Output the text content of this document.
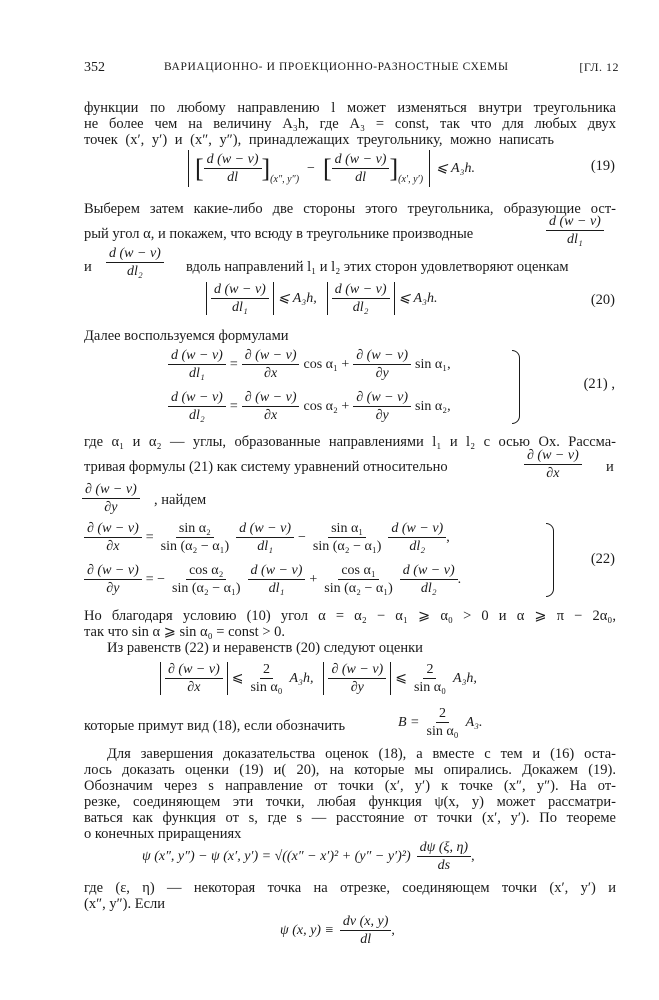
352	ВАРИАЦИОННО- И ПРОЕКЦИОННО-РАЗНОСТНЫЕ СХЕМЫ	[ГЛ. 12
функции по любому направлению l может изменяться внутри треугольника
не более чем на величину A₃h, где A₃ = const, так что для любых двух
точек (x′, y′) и (x″, y″), принадлежащих треугольнику, можно написать
[ $\frac{d (w - v)}{dl}$ ] (x″, y″)
− [ $\frac{d (w - v)}{dl}$ ] (x′, y′)
⩽ A₃h.	(19)
Выберем затем какие-либо две стороны этого треугольника, образующие ост-
рый угол α, и покажем, что всюду в треугольнике производные	$\frac{d (w - v)}{\text{dl₁}}$
и $\frac{d (w - v)}{\text{dl₂}}$ вдоль направлений l₁ и l₂ этих сторон удовлетворяют оценкам
$\frac{d (w - v)}{\text{dl₁}}$ ⩽ A₃h, $\frac{d (w - v)}{\text{dl₂}}$ ⩽ A₃h.	(20)
Далее воспользуемся формулами
$\frac{d (w - v)}{\text{dl₁}} = \frac{\partial (w - v)}{\partial x}$ $\cos \alpha_1 + \frac{\partial (w - v)}{\partial y}$ sin α₁,
$\frac{d (w - v)}{\text{dl₂}} = \frac{\partial (w - v)}{\partial x}$ $\cos \alpha_2 + \frac{\partial (w - v)}{\partial y}$ sin α₂,
(21) ,
где α₁ и α₂ — углы, образованные направлениями l₁ и l₂ с осью Ox. Рассма-
тривая формулы (21) как систему уравнений относительно	$\frac{\partial (w - v)}{\partial x}$ и
$\frac{\partial (w - v)}{\partial y}$ , найдем
$\frac{\partial (w - v)}{\partial x} = \frac{\text{sin α₂}}{\text{sin (α₂ − α₁)}} \frac{d (w - v)}{\text{dl₁}} - \frac{\text{sin α₁}}{\text{sin (α₂ − α₁)}} \frac{d (w - v)}{\text{dl₂}}$ ,
$\frac{\partial (w - v)}{\partial y}$ = − $\frac{\text{cos α₂}}{\text{sin (α₂ − α₁)}} \frac{d (w - v)}{\text{dl₁}} + \frac{\text{cos α₁}}{\text{sin (α₂ − α₁)}} \frac{d (w - v)}{\text{dl₂}}$ .
(22)
Но благодаря условию (10) угол α = α₂ − α₁ ⩾ α₀ > 0 и α ⩾ π − 2α₀,
так что sin α ⩾ sin α₀ = const > 0.
Из равенств (22) и неравенств (20) следуют оценки
$\frac{\partial (w - v)}{\partial x}$ ⩽ $\frac{2}{\text{sin α₀}} A_3h$, $\frac{\partial (w - v)}{\partial y}$ ⩽ $\frac{2}{\text{sin α₀}} A_3h$,
которые примут вид (18), если обозначить	$B = \frac{2}{\text{sin α₀}} A_3$.
Для завершения доказательства оценок (18), а вместе с тем и (16) оста-
лось доказать оценки (19) и( 20), на которые мы опирались. Докажем (19).
Обозначим через s направление от точки (x′, y′) к точке (x″, y″). На от-
резке, соединяющем эти точки, любая функция ψ(x, y) может рассматри-
ваться как функция от s, где s — расстояние от точки (x′, y′). По теореме
о конечных приращениях
ψ (x″, y″) − ψ (x′, $y') = √((x'' - x')^2 + (y'' - y')^2) \frac{d\psi (\xi, \eta)}{ds}$ ,
где (ε, η) — некоторая точка на отрезке, соединяющем точки (x′, y′) и
(x″, y″). Если
ψ (x, $y) \equiv \frac{dv (x, y)}{dl}$ ,
